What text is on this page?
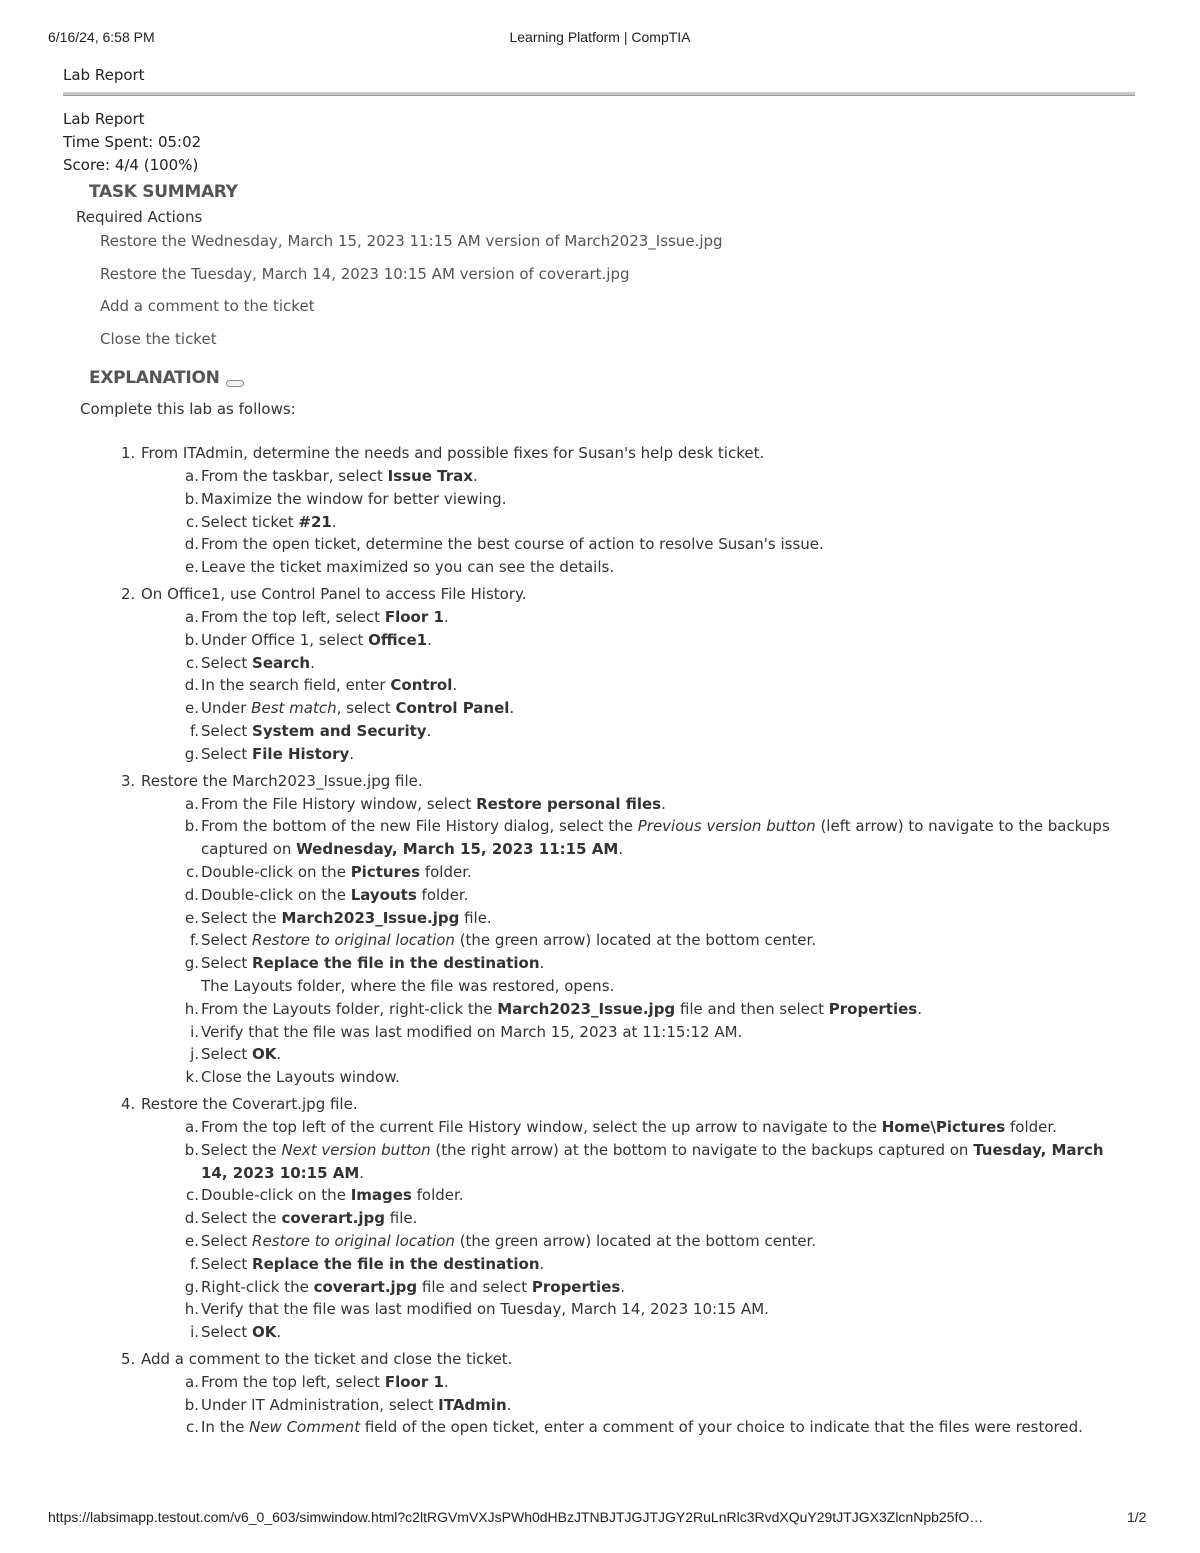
6/16/24, 6:58 PM	Learning Platform | CompTIA
Lab Report
Lab Report
Time Spent: 05:02
Score: 4/4 (100%)
TASK SUMMARY
Required Actions
Restore the Wednesday, March 15, 2023 11:15 AM version of March2023_Issue.jpg
Restore the Tuesday, March 14, 2023 10:15 AM version of coverart.jpg
Add a comment to the ticket
Close the ticket
EXPLANATION
Complete this lab as follows:
1. From ITAdmin, determine the needs and possible fixes for Susan's help desk ticket.
a. From the taskbar, select Issue Trax.
b. Maximize the window for better viewing.
c. Select ticket #21.
d. From the open ticket, determine the best course of action to resolve Susan's issue.
e. Leave the ticket maximized so you can see the details.
2. On Office1, use Control Panel to access File History.
a. From the top left, select Floor 1.
b. Under Office 1, select Office1.
c. Select Search.
d. In the search field, enter Control.
e. Under Best match, select Control Panel.
f. Select System and Security.
g. Select File History.
3. Restore the March2023_Issue.jpg file.
a. From the File History window, select Restore personal files.
b. From the bottom of the new File History dialog, select the Previous version button (left arrow) to navigate to the backups captured on Wednesday, March 15, 2023 11:15 AM.
c. Double-click on the Pictures folder.
d. Double-click on the Layouts folder.
e. Select the March2023_Issue.jpg file.
f. Select Restore to original location (the green arrow) located at the bottom center.
g. Select Replace the file in the destination.
The Layouts folder, where the file was restored, opens.
h. From the Layouts folder, right-click the March2023_Issue.jpg file and then select Properties.
i. Verify that the file was last modified on March 15, 2023 at 11:15:12 AM.
j. Select OK.
k. Close the Layouts window.
4. Restore the Coverart.jpg file.
a. From the top left of the current File History window, select the up arrow to navigate to the Home\Pictures folder.
b. Select the Next version button (the right arrow) at the bottom to navigate to the backups captured on Tuesday, March 14, 2023 10:15 AM.
c. Double-click on the Images folder.
d. Select the coverart.jpg file.
e. Select Restore to original location (the green arrow) located at the bottom center.
f. Select Replace the file in the destination.
g. Right-click the coverart.jpg file and select Properties.
h. Verify that the file was last modified on Tuesday, March 14, 2023 10:15 AM.
i. Select OK.
5. Add a comment to the ticket and close the ticket.
a. From the top left, select Floor 1.
b. Under IT Administration, select ITAdmin.
c. In the New Comment field of the open ticket, enter a comment of your choice to indicate that the files were restored.
https://labsimapp.testout.com/v6_0_603/simwindow.html?c2ltRGVmVXJsPWh0dHBzJTNBJTJGJTJGY2RuLnRlc3RvdXQuY29tJTJGX3ZlcnNpb25fO…	1/2
